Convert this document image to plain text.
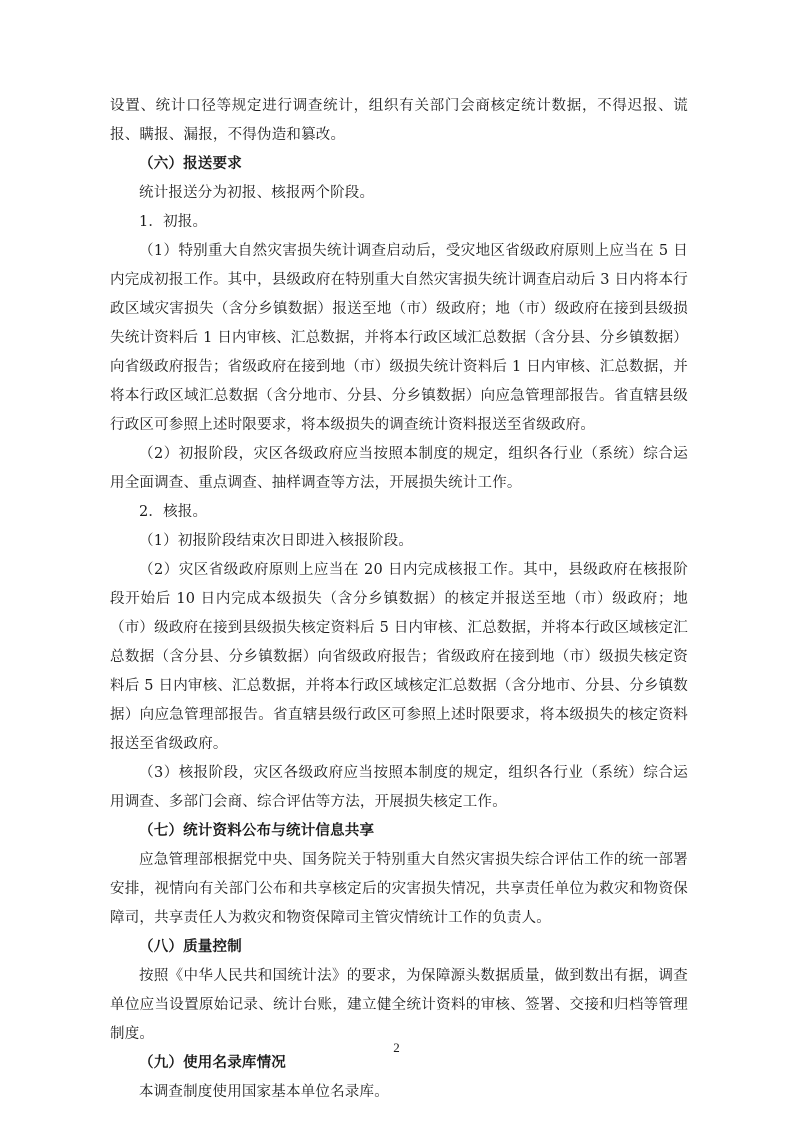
设置、统计口径等规定进行调查统计，组织有关部门会商核定统计数据，不得迟报、谎报、瞒报、漏报，不得伪造和篡改。

（六）报送要求

统计报送分为初报、核报两个阶段。

1．初报。

（1）特别重大自然灾害损失统计调查启动后，受灾地区省级政府原则上应当在 5 日内完成初报工作。其中，县级政府在特别重大自然灾害损失统计调查启动后 3 日内将本行政区域灾害损失（含分乡镇数据）报送至地（市）级政府；地（市）级政府在接到县级损失统计资料后 1 日内审核、汇总数据，并将本行政区域汇总数据（含分县、分乡镇数据）向省级政府报告；省级政府在接到地（市）级损失统计资料后 1 日内审核、汇总数据，并将本行政区域汇总数据（含分地市、分县、分乡镇数据）向应急管理部报告。省直辖县级行政区可参照上述时限要求，将本级损失的调查统计资料报送至省级政府。

（2）初报阶段，灾区各级政府应当按照本制度的规定，组织各行业（系统）综合运用全面调查、重点调查、抽样调查等方法，开展损失统计工作。

2．核报。

（1）初报阶段结束次日即进入核报阶段。

（2）灾区省级政府原则上应当在 20 日内完成核报工作。其中，县级政府在核报阶段开始后 10 日内完成本级损失（含分乡镇数据）的核定并报送至地（市）级政府；地（市）级政府在接到县级损失核定资料后 5 日内审核、汇总数据，并将本行政区域核定汇总数据（含分县、分乡镇数据）向省级政府报告；省级政府在接到地（市）级损失核定资料后 5 日内审核、汇总数据，并将本行政区域核定汇总数据（含分地市、分县、分乡镇数据）向应急管理部报告。省直辖县级行政区可参照上述时限要求，将本级损失的核定资料报送至省级政府。

（3）核报阶段，灾区各级政府应当按照本制度的规定，组织各行业（系统）综合运用调查、多部门会商、综合评估等方法，开展损失核定工作。

（七）统计资料公布与统计信息共享

应急管理部根据党中央、国务院关于特别重大自然灾害损失综合评估工作的统一部署安排，视情向有关部门公布和共享核定后的灾害损失情况，共享责任单位为救灾和物资保障司，共享责任人为救灾和物资保障司主管灾情统计工作的负责人。

（八）质量控制

按照《中华人民共和国统计法》的要求，为保障源头数据质量，做到数出有据，调查单位应当设置原始记录、统计台账，建立健全统计资料的审核、签署、交接和归档等管理制度。

（九）使用名录库情况

本调查制度使用国家基本单位名录库。

2
